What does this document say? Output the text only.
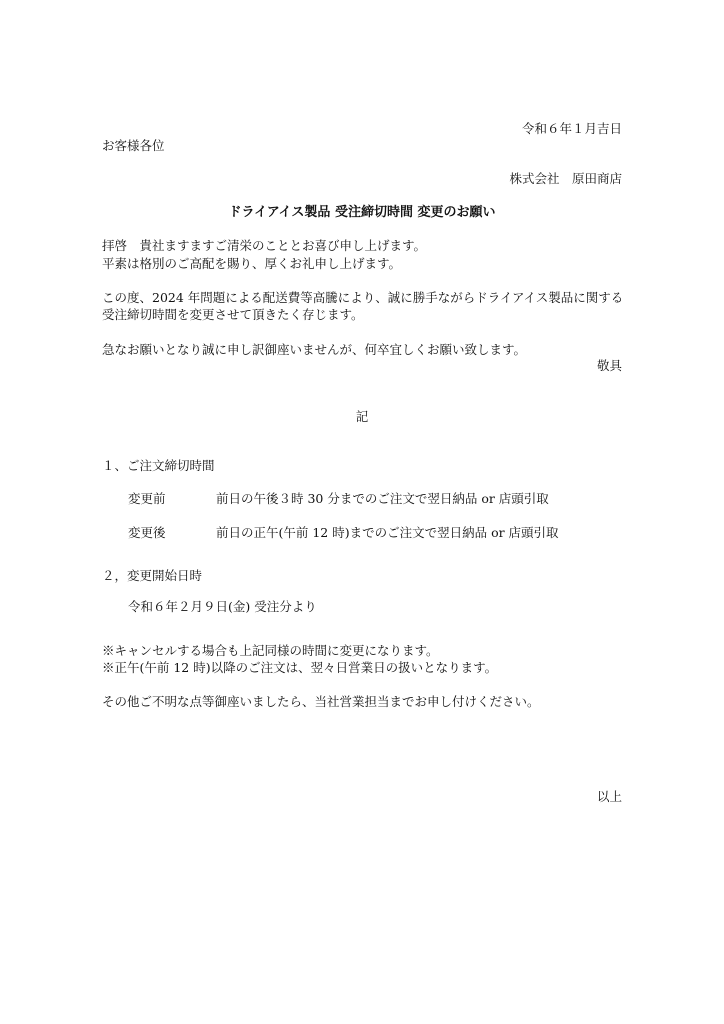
令和６年１月吉日

お客様各位

株式会社　原田商店

ドライアイス製品 受注締切時間 変更のお願い

拝啓　貴社ますますご清栄のこととお喜び申し上げます。

平素は格別のご高配を賜り、厚くお礼申し上げます。

この度、2024 年問題による配送費等高騰により、誠に勝手ながらドライアイス製品に関する

受注締切時間を変更させて頂きたく存じます。

急なお願いとなり誠に申し訳御座いませんが、何卒宜しくお願い致します。

敬具

記

１、ご注文締切時間

変更前	前日の午後３時 30 分までのご注文で翌日納品 or 店頭引取

変更後	前日の正午(午前 12 時)までのご注文で翌日納品 or 店頭引取

２，変更開始日時

令和６年２月９日(金) 受注分より

※キャンセルする場合も上記同様の時間に変更になります。

※正午(午前 12 時)以降のご注文は、翌々日営業日の扱いとなります。

その他ご不明な点等御座いましたら、当社営業担当までお申し付けください。

以上
